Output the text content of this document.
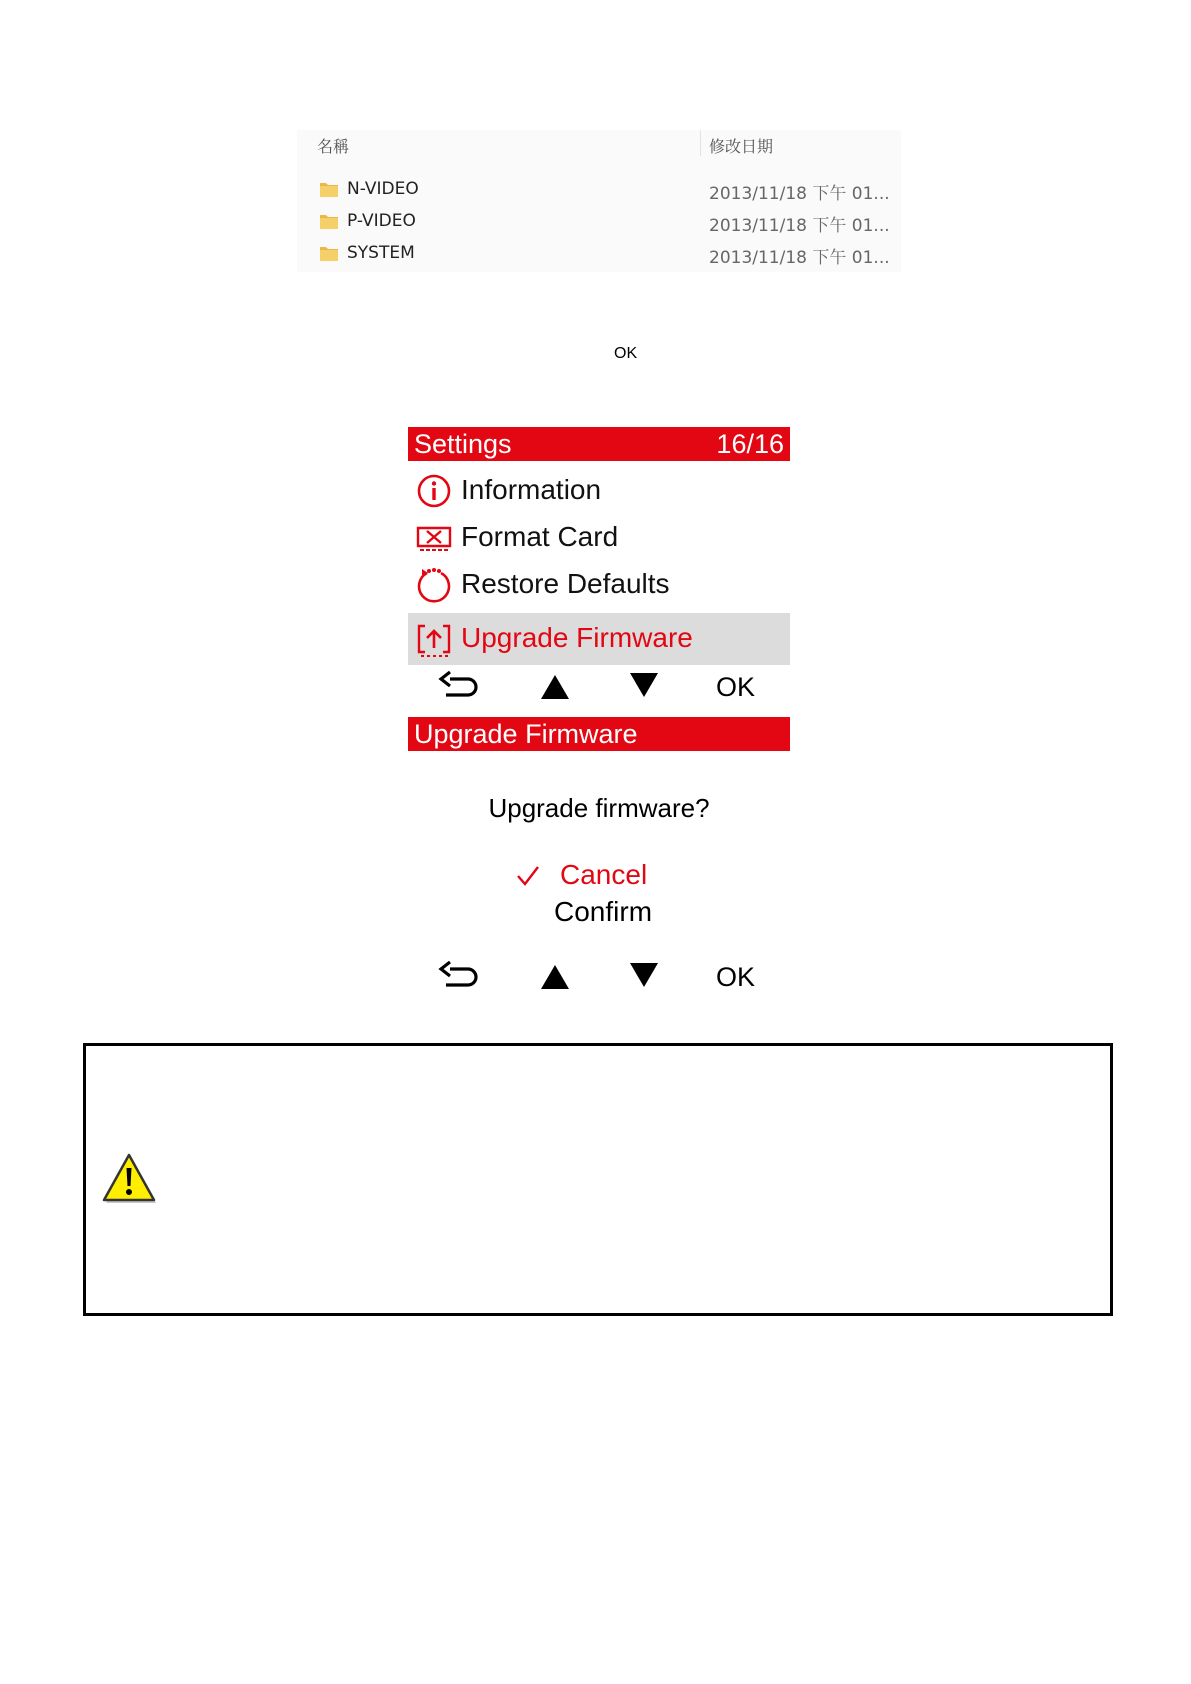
名稱	修改日期
N-VIDEO	2013/11/18 下午 01...
P-VIDEO	2013/11/18 下午 01...
SYSTEM	2013/11/18 下午 01...
OK
Settings	16/16
Information
Format Card
Restore Defaults
Upgrade Firmware
OK
Upgrade Firmware
Upgrade firmware?
Cancel
Confirm
OK
